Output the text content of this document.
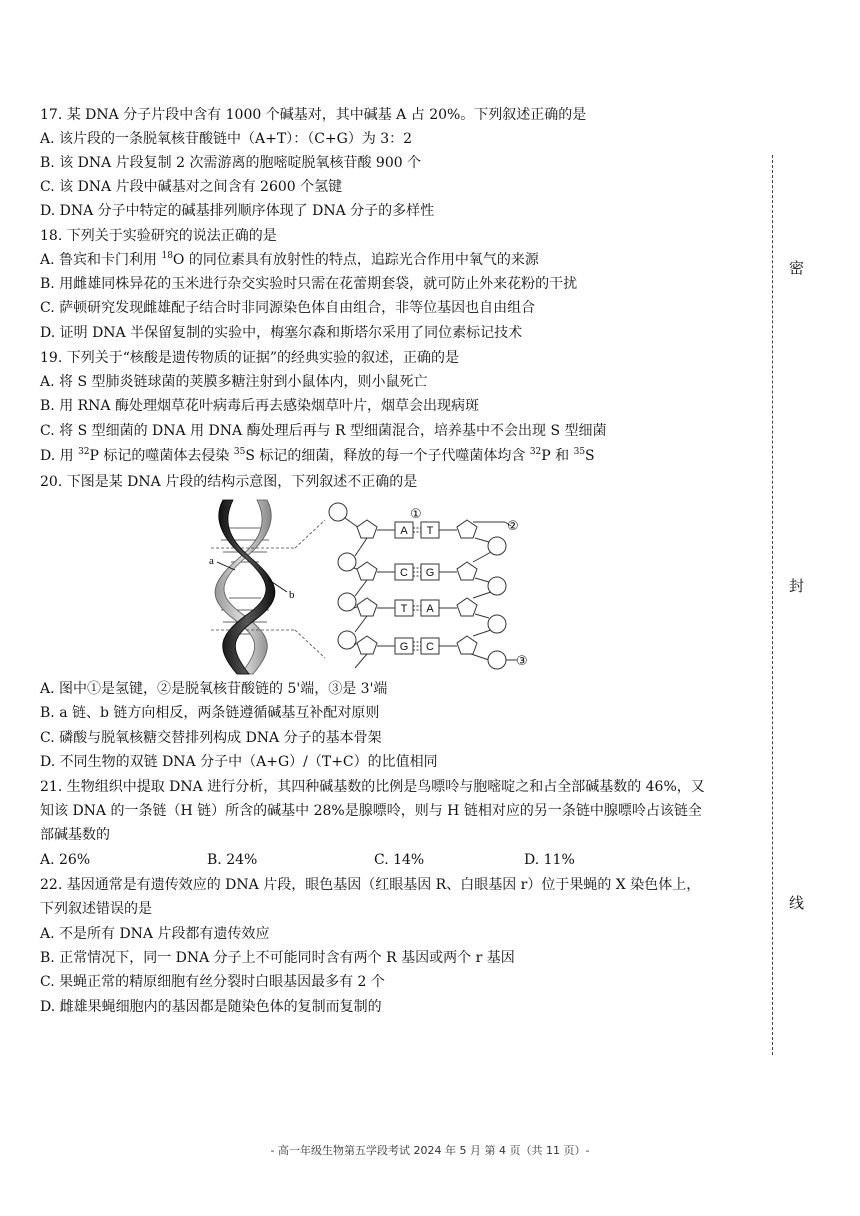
17. 某 DNA 分子片段中含有 1000 个碱基对，其中碱基 A 占 20%。下列叙述正确的是
A. 该片段的一条脱氧核苷酸链中（A+T）：（C+G）为 3：2
B. 该 DNA 片段复制 2 次需游离的胞嘧啶脱氧核苷酸 900 个
C. 该 DNA 片段中碱基对之间含有 2600 个氢键
D. DNA 分子中特定的碱基排列顺序体现了 DNA 分子的多样性
18. 下列关于实验研究的说法正确的是
A. 鲁宾和卡门利用 $^{18}$O 的同位素具有放射性的特点，追踪光合作用中氧气的来源
B. 用雌雄同株异花的玉米进行杂交实验时只需在花蕾期套袋，就可防止外来花粉的干扰
C. 萨顿研究发现雌雄配子结合时非同源染色体自由组合，非等位基因也自由组合
D. 证明 DNA 半保留复制的实验中，梅塞尔森和斯塔尔采用了同位素标记技术
19. 下列关于“核酸是遗传物质的证据”的经典实验的叙述，正确的是
A. 将 S 型肺炎链球菌的荚膜多糖注射到小鼠体内，则小鼠死亡
B. 用 RNA 酶处理烟草花叶病毒后再去感染烟草叶片，烟草会出现病斑
C. 将 S 型细菌的 DNA 用 DNA 酶处理后再与 R 型细菌混合，培养基中不会出现 S 型细菌
D. 用 $^{32}$P 标记的噬菌体去侵染 $^{35}$S 标记的细菌，释放的每一个子代噬菌体均含 $^{32}$P 和 $^{35}$S
20. 下图是某 DNA 片段的结构示意图，下列叙述不正确的是
a
b
A T
C G
T A
G C
①
②
③
A. 图中①是氢键，②是脱氧核苷酸链的 5'端，③是 3'端
B. a 链、b 链方向相反，两条链遵循碱基互补配对原则
C. 磷酸与脱氧核糖交替排列构成 DNA 分子的基本骨架
D. 不同生物的双链 DNA 分子中（A+G）/（T+C）的比值相同
21. 生物组织中提取 DNA 进行分析，其四种碱基数的比例是鸟嘌呤与胞嘧啶之和占全部碱基数的 46%，又
知该 DNA 的一条链（H 链）所含的碱基中 28%是腺嘌呤，则与 H 链相对应的另一条链中腺嘌呤占该链全
部碱基数的
A. 26%	B. 24%	C. 14%	D. 11%
22. 基因通常是有遗传效应的 DNA 片段，眼色基因（红眼基因 R、白眼基因 r）位于果蝇的 X 染色体上，
下列叙述错误的是
A. 不是所有 DNA 片段都有遗传效应
B. 正常情况下，同一 DNA 分子上不可能同时含有两个 R 基因或两个 r 基因
C. 果蝇正常的精原细胞有丝分裂时白眼基因最多有 2 个
D. 雌雄果蝇细胞内的基因都是随染色体的复制而复制的
密
封
线
- 高一年级生物第五学段考试 2024 年 5 月 第 4 页（共 11 页）-
